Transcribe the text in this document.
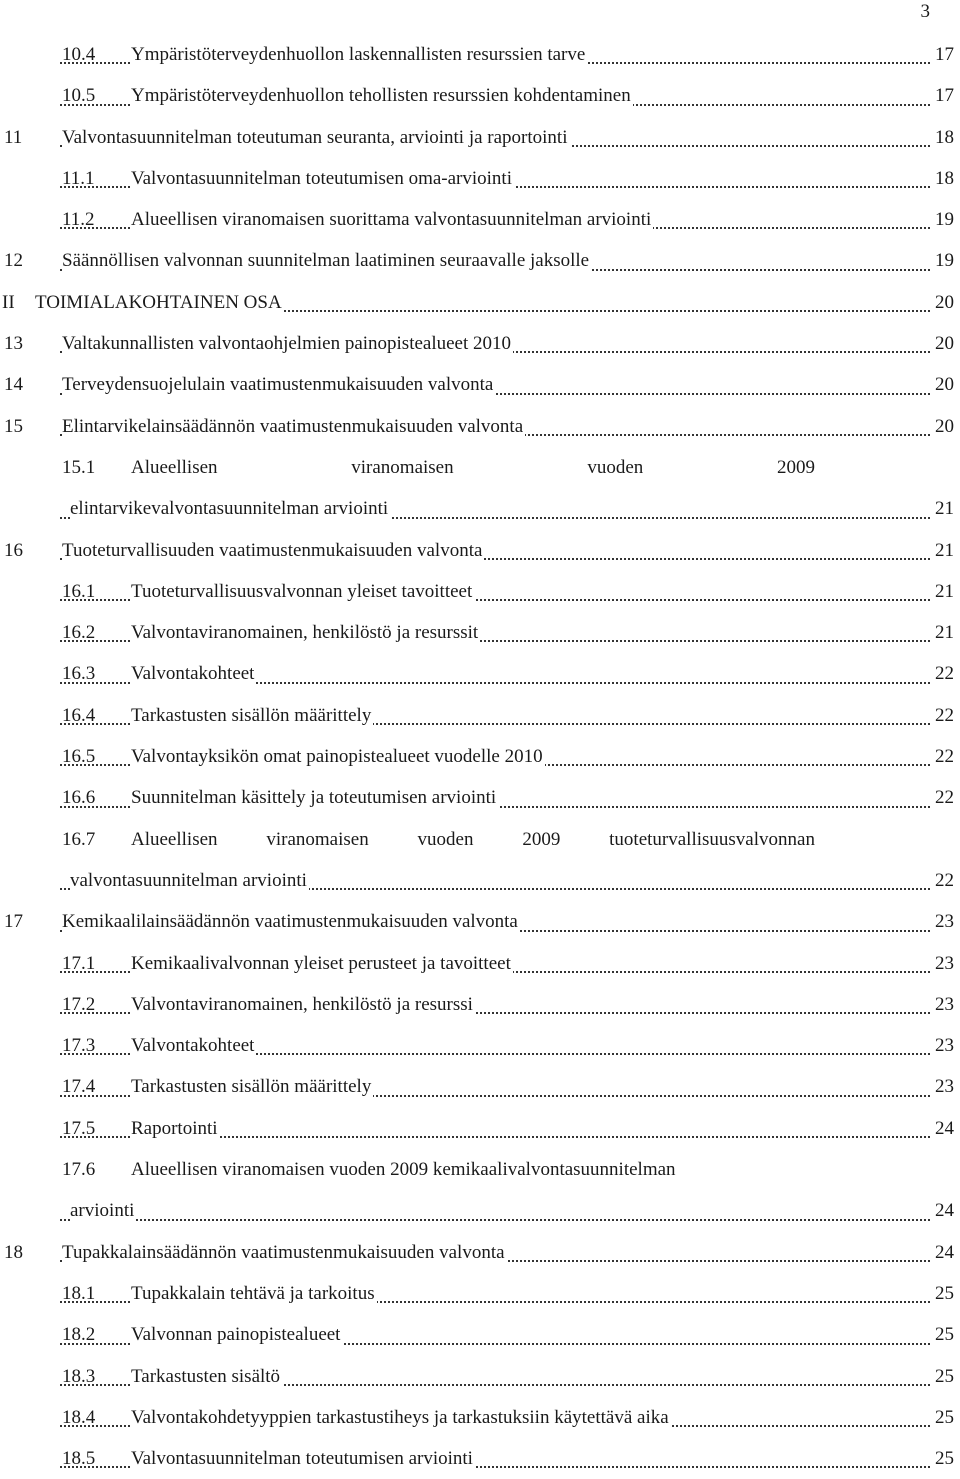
3
10.4 Ympäristöterveydenhuollon laskennallisten resurssien tarve	17
10.5 Ympäristöterveydenhuollon tehollisten resurssien kohdentaminen	17
11 Valvontasuunnitelman toteutuman seuranta, arviointi ja raportointi	18
11.1 Valvontasuunnitelman toteutumisen oma-arviointi	18
11.2 Alueellisen viranomaisen suorittama valvontasuunnitelman arviointi	19
12 Säännöllisen valvonnan suunnitelman laatiminen seuraavalle jaksolle	19
II TOIMIALAKOHTAINEN OSA	20
13 Valtakunnallisten valvontaohjelmien painopistealueet 2010	20
14 Terveydensuojelulain vaatimustenmukaisuuden valvonta	20
15 Elintarvikelainsäädännön vaatimustenmukaisuuden valvonta	20
15.1 Alueellisen	viranomaisen	vuoden	2009
elintarvikevalvontasuunnitelman arviointi	21
16 Tuoteturvallisuuden vaatimustenmukaisuuden valvonta	21
16.1 Tuoteturvallisuusvalvonnan yleiset tavoitteet	21
16.2 Valvontaviranomainen, henkilöstö ja resurssit	21
16.3 Valvontakohteet	22
16.4 Tarkastusten sisällön määrittely	22
16.5 Valvontayksikön omat painopistealueet vuodelle 2010	22
16.6 Suunnitelman käsittely ja toteutumisen arviointi	22
16.7 Alueellisen	viranomaisen	vuoden	2009	tuoteturvallisuusvalvonnan
valvontasuunnitelman arviointi	22
17 Kemikaalilainsäädännön vaatimustenmukaisuuden valvonta	23
17.1 Kemikaalivalvonnan yleiset perusteet ja tavoitteet	23
17.2 Valvontaviranomainen, henkilöstö ja resurssi	23
17.3 Valvontakohteet	23
17.4 Tarkastusten sisällön määrittely	23
17.5 Raportointi	24
17.6 Alueellisen viranomaisen vuoden 2009 kemikaalivalvontasuunnitelman
arviointi	24
18 Tupakkalainsäädännön vaatimustenmukaisuuden valvonta	24
18.1 Tupakkalain tehtävä ja tarkoitus	25
18.2 Valvonnan painopistealueet	25
18.3 Tarkastusten sisältö	25
18.4 Valvontakohdetyyppien tarkastustiheys ja tarkastuksiin käytettävä aika	25
18.5 Valvontasuunnitelman toteutumisen arviointi	25
